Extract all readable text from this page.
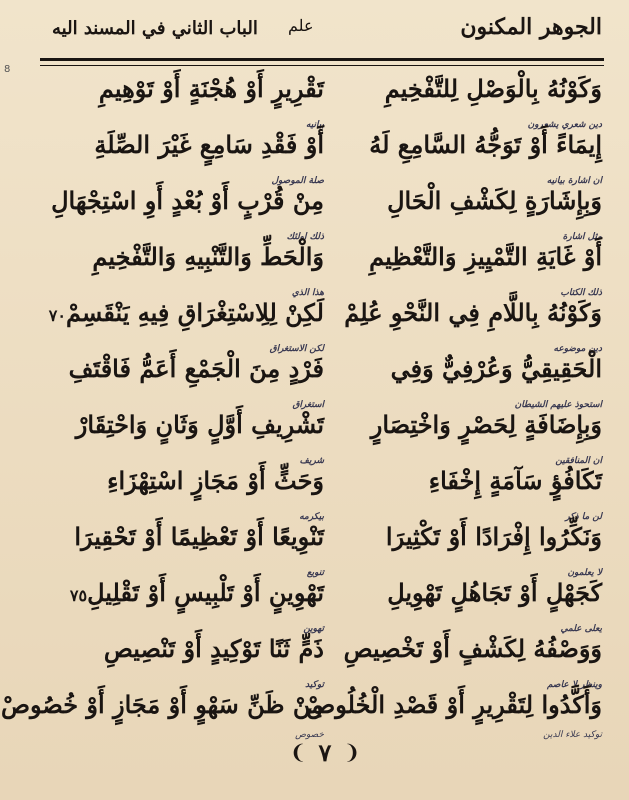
الجوهر المكنون
علم
الباب الثاني في المسند اليه
8
وَكَوْنُهُ بِالْوَصْلِ لِلتَّفْخِيمِ
دين شعري يشعرون
إِيمَاءً أَوْ تَوَجُّهُ السَّامِعِ لَهُ
ان اشارة بيانيه
وَبِإِشَارَةٍ لِكَشْفِ الْحَالِ
مثل اشارة
أَوْ غَايَةِ التَّمْيِيزِ وَالتَّعْظِيمِ
ذلك الكتاب
وَكَوْنُهُ بِاللَّامِ فِي النَّحْوِ عُلِمْ
دين موضوعه
الْحَقِيقِيُّ وَعُرْفِيٌّ وَفِي
استحوذ عليهم الشيطان
وَبِإِضَافَةٍ لِحَصْرٍ وَاخْتِصَارٍ
ان المنافقين
تَكَافُؤٍ سَآمَةٍ إِخْفَاءِ
لن ما ذكر
وَنَكِّرُوا إِفْرَادًا أَوْ تَكْثِيرَا
لا يعلمون
كَجَهْلٍ أَوْ تَجَاهُلٍ تَهْوِيلِ
يعلى علمي
وَوَصْفُهُ لِكَشْفٍ أَوْ تَخْصِيصِ
وينظر لا عاصم
وَأَكَّدُوا لِتَقْرِيرٍ أَوْ قَصْدِ الْخُلُوصْ
توكيد علاء الدين
تَقْرِيرٍ أَوْ هُجْنَةٍ أَوْ تَوْهِيمِ
بيانيه
أَوْ فَقْدِ سَامِعٍ غَيْرَ الصِّلَةِ
صلة الموصول
مِنْ قُرْبٍ أَوْ بُعْدٍ أَوِ اسْتِجْهَالِ
ذلك اولئك
وَالْحَطِّ وَالتَّنْبِيهِ وَالتَّفْخِيمِ
هذا الذي
لَكِنْ لِلِاسْتِغْرَاقِ فِيهِ يَنْقَسِمْ٧٠
لكن الاستغراق
فَرْدٍ مِنَ الْجَمْعِ أَعَمُّ فَاقْتَفِ
استغراق
تَشْرِيفِ أَوَّلٍ وَثَانٍ وَاحْتِقَارْ
شريف
وَحَثٍّ أَوْ مَجَازٍ اسْتِهْزَاءِ
بيكرمه
تَنْوِيعًا أَوْ تَعْظِيمًا أَوْ تَحْقِيرَا
تنويع
تَهْوِينٍ أَوْ تَلْبِيسٍ أَوْ تَقْلِيلِ٧٥
تهوين
ذَمٍّ ثَنًا تَوْكِيدٍ أَوْ تَنْصِيصِ
توكيد
مِنْ ظَنِّ سَهْوٍ أَوْ مَجَازٍ أَوْ خُصُوصْ
خصوص
❨ ٧ ❩
